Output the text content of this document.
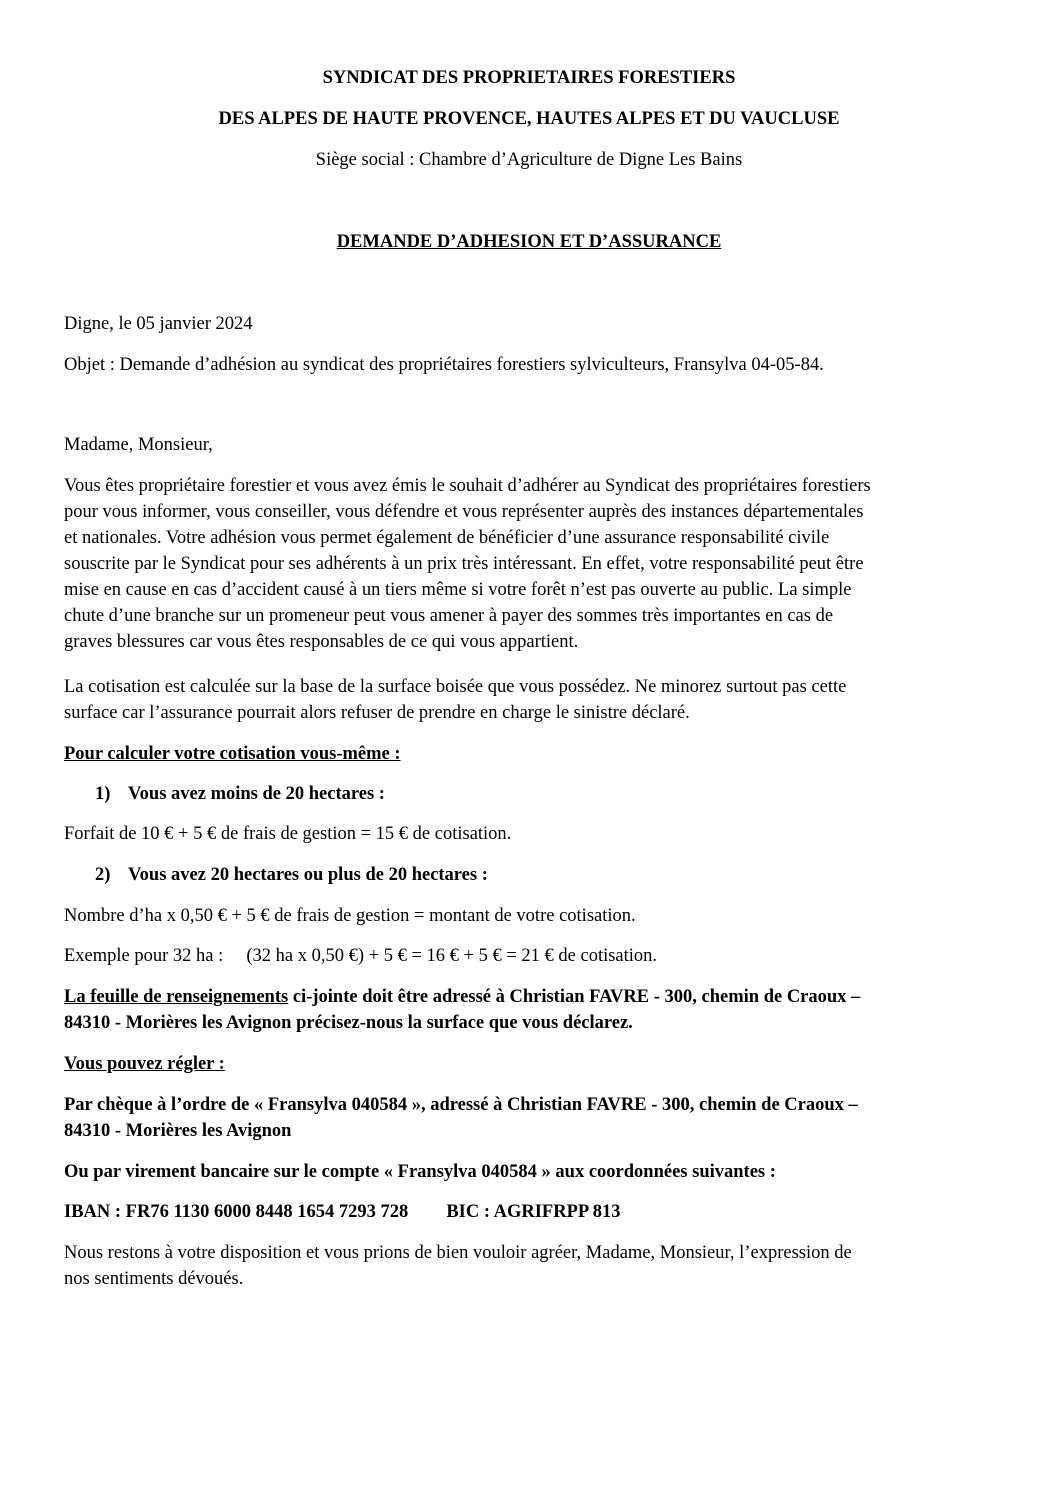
SYNDICAT DES PROPRIETAIRES FORESTIERS
DES ALPES DE HAUTE PROVENCE, HAUTES ALPES ET DU VAUCLUSE
Siège social : Chambre d’Agriculture de Digne Les Bains
DEMANDE D’ADHESION ET D’ASSURANCE
Digne, le 05 janvier 2024
Objet : Demande d’adhésion au syndicat des propriétaires forestiers sylviculteurs, Fransylva 04-05-84.
Madame, Monsieur,
Vous êtes propriétaire forestier et vous avez émis le souhait d’adhérer au Syndicat des propriétaires forestiers
pour vous informer, vous conseiller, vous défendre et vous représenter auprès des instances départementales
et nationales. Votre adhésion vous permet également de bénéficier d’une assurance responsabilité civile
souscrite par le Syndicat pour ses adhérents à un prix très intéressant. En effet, votre responsabilité peut être
mise en cause en cas d’accident causé à un tiers même si votre forêt n’est pas ouverte au public. La simple
chute d’une branche sur un promeneur peut vous amener à payer des sommes très importantes en cas de
graves blessures car vous êtes responsables de ce qui vous appartient.
La cotisation est calculée sur la base de la surface boisée que vous possédez. Ne minorez surtout pas cette
surface car l’assurance pourrait alors refuser de prendre en charge le sinistre déclaré.
Pour calculer votre cotisation vous-même :
1) Vous avez moins de 20 hectares :
Forfait de 10 € + 5 € de frais de gestion = 15 € de cotisation.
2) Vous avez 20 hectares ou plus de 20 hectares :
Nombre d’ha x 0,50 € + 5 € de frais de gestion = montant de votre cotisation.
Exemple pour 32 ha :     (32 ha x 0,50 €) + 5 € = 16 € + 5 € = 21 € de cotisation.
La feuille de renseignements ci-jointe doit être adressé à Christian FAVRE - 300, chemin de Craoux –
84310 - Morières les Avignon précisez-nous la surface que vous déclarez.
Vous pouvez régler :
Par chèque à l’ordre de « Fransylva 040584 », adressé à Christian FAVRE - 300, chemin de Craoux –
84310 - Morières les Avignon
Ou par virement bancaire sur le compte « Fransylva 040584 » aux coordonnées suivantes :
IBAN : FR76 1130 6000 8448 1654 7293 728 BIC : AGRIFRPP 813
Nous restons à votre disposition et vous prions de bien vouloir agréer, Madame, Monsieur, l’expression de
nos sentiments dévoués.
